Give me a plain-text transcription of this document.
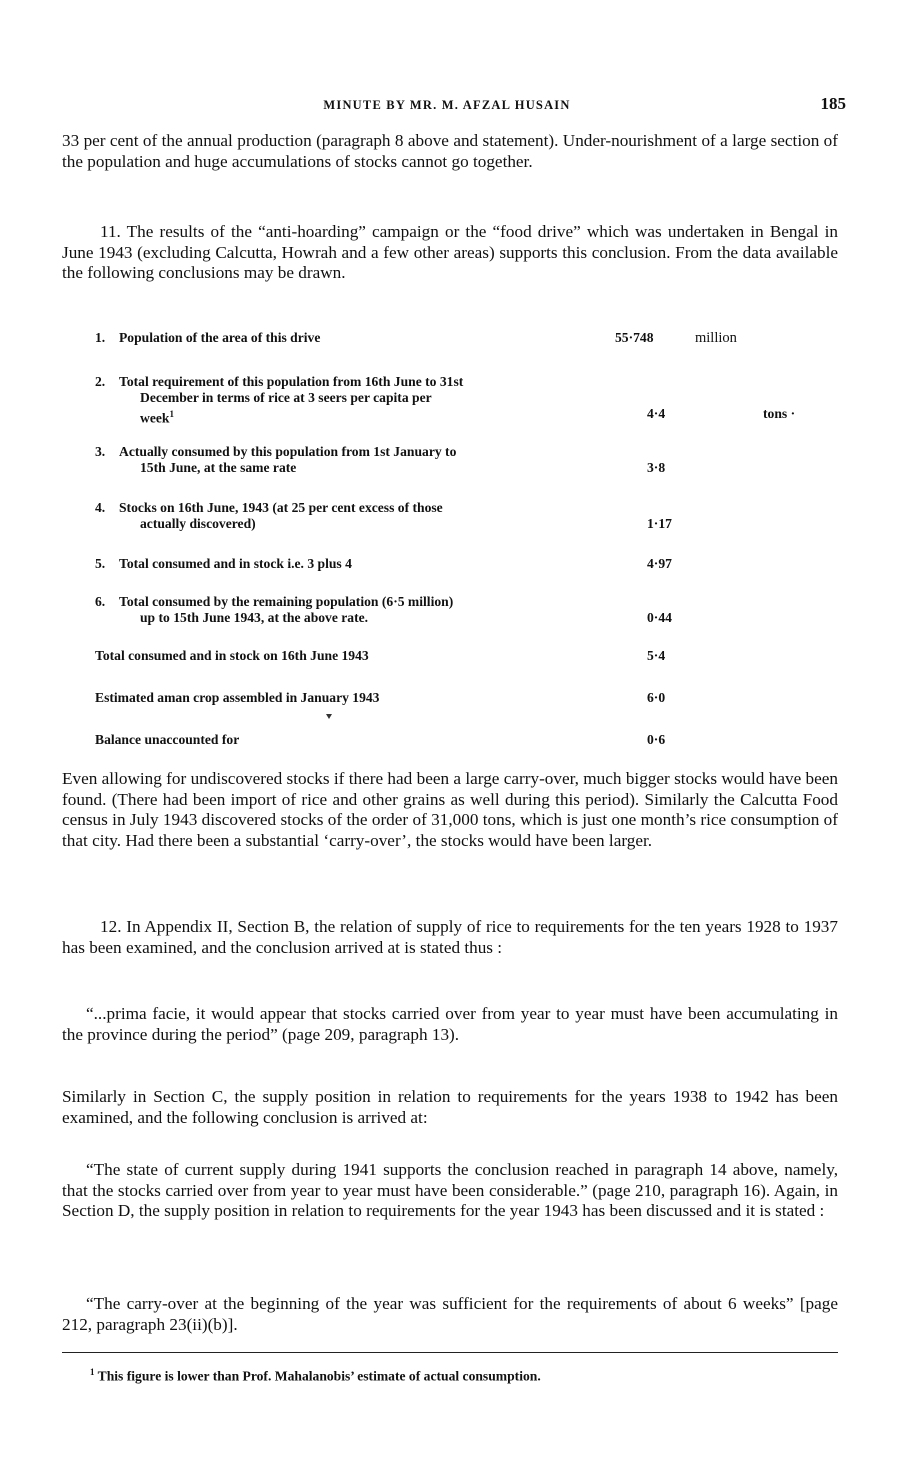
MINUTE BY MR. M. AFZAL HUSAIN	185

33 per cent of the annual production (paragraph 8 above and statement). Under-nourishment of a large section of the population and huge accumulations of stocks cannot go together.

11. The results of the “anti-hoarding” campaign or the “food drive” which was undertaken in Bengal in June 1943 (excluding Calcutta, Howrah and a few other areas) supports this conclusion. From the data available the following conclusions may be drawn.

1.	Population of the area of this drive	55·748	million
2.	Total requirement of this population from 16th June to 31st
December in terms of rice at 3 seers per capita per
week$^1$	4·4	tons ·
3.	Actually consumed by this population from 1st January to
15th June, at the same rate	3·8
4.	Stocks on 16th June, 1943 (at 25 per cent excess of those
actually discovered)	1·17
5.	Total consumed and in stock i.e. 3 plus 4	4·97
6.	Total consumed by the remaining population (6·5 million)
up to 15th June 1943, at the above rate.	0·44
Total consumed and in stock on 16th June 1943	5·4
Estimated aman crop assembled in January 1943	6·0
Balance unaccounted for	0·6

Even allowing for undiscovered stocks if there had been a large carry-over, much bigger stocks would have been found. (There had been import of rice and other grains as well during this period). Similarly the Calcutta Food census in July 1943 discovered stocks of the order of 31,000 tons, which is just one month’s rice consumption of that city. Had there been a substantial ‘carry-over’, the stocks would have been larger.

12. In Appendix II, Section B, the relation of supply of rice to requirements for the ten years 1928 to 1937 has been examined, and the conclusion arrived at is stated thus :

“...prima facie, it would appear that stocks carried over from year to year must have been accumulating in the province during the period” (page 209, paragraph 13).

Similarly in Section C, the supply position in relation to requirements for the years 1938 to 1942 has been examined, and the following conclusion is arrived at:

“The state of current supply during 1941 supports the conclusion reached in paragraph 14 above, namely, that the stocks carried over from year to year must have been considerable.” (page 210, paragraph 16). Again, in Section D, the supply position in relation to requirements for the year 1943 has been discussed and it is stated :

“The carry-over at the beginning of the year was sufficient for the requirements of about 6 weeks” [page 212, paragraph 23(ii)(b)].

$^1$ This figure is lower than Prof. Mahalanobis’ estimate of actual consumption.
